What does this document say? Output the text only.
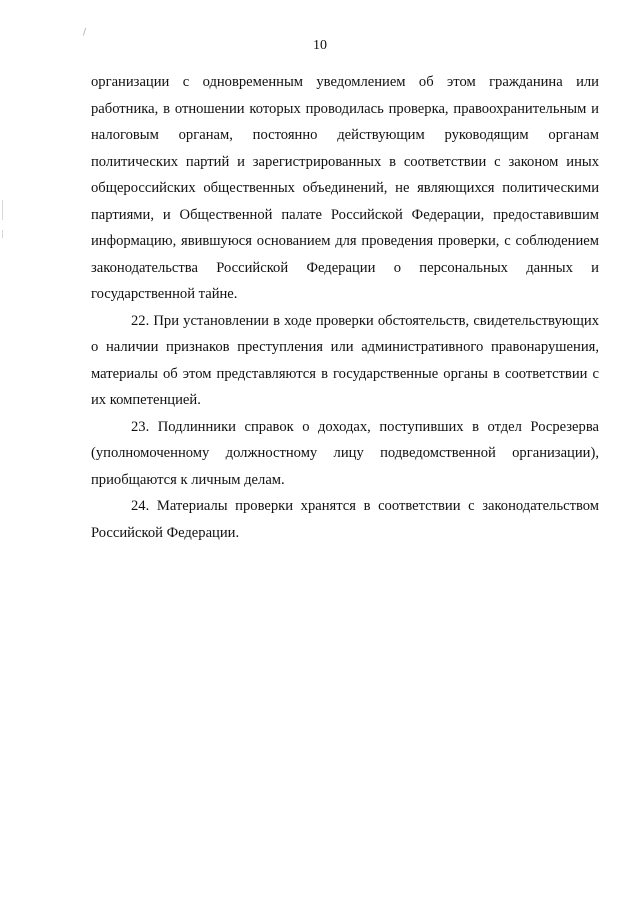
10

организации с одновременным уведомлением об этом гражданина или работника, в отношении которых проводилась проверка, правоохранительным и налоговым органам, постоянно действующим руководящим органам политических партий и зарегистрированных в соответствии с законом иных общероссийских общественных объединений, не являющихся политическими партиями, и Общественной палате Российской Федерации, предоставившим информацию, явившуюся основанием для проведения проверки, с соблюдением законодательства Российской Федерации о персональных данных и государственной тайне.

22. При установлении в ходе проверки обстоятельств, свидетельствующих о наличии признаков преступления или административного правонарушения, материалы об этом представляются в государственные органы в соответствии с их компетенцией.

23. Подлинники справок о доходах, поступивших в отдел Росрезерва (уполномоченному должностному лицу подведомственной организации), приобщаются к личным делам.

24. Материалы проверки хранятся в соответствии с законодательством Российской Федерации.
